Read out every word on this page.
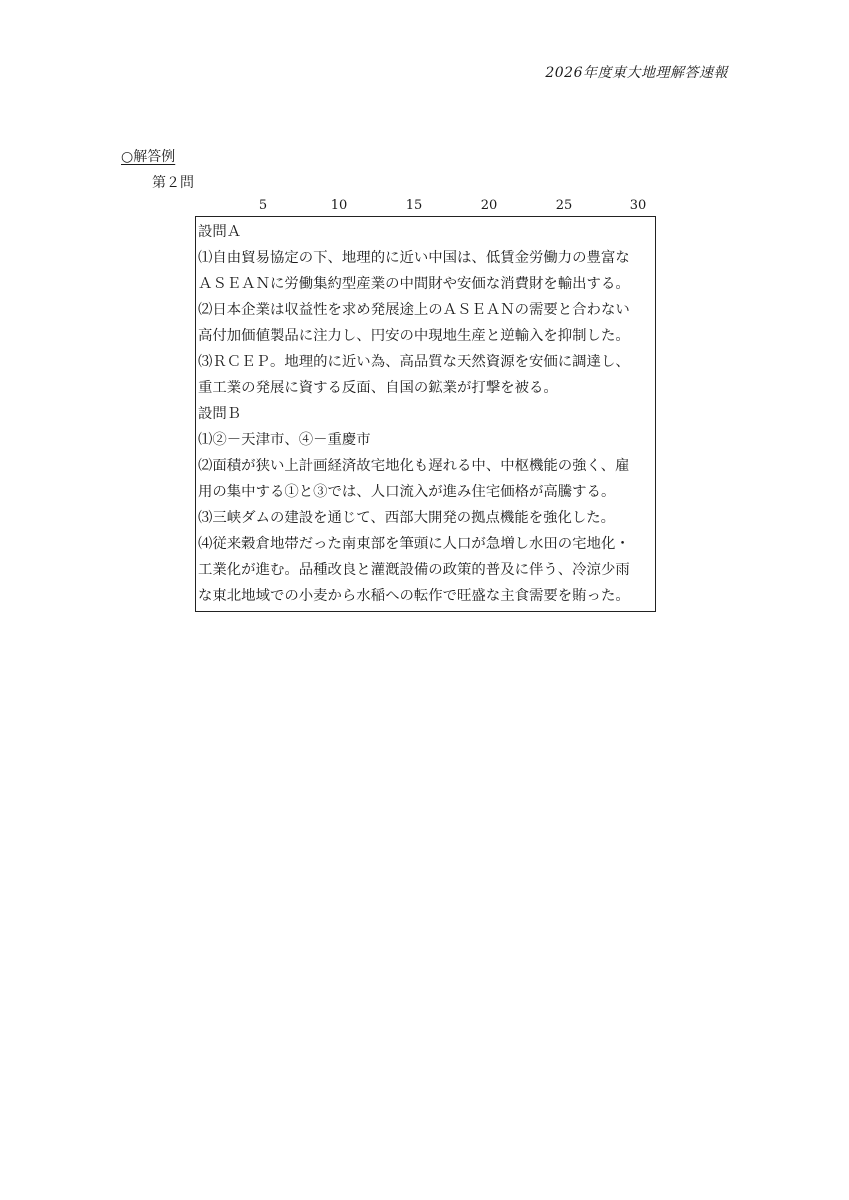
2026年度東大地理解答速報
○解答例
第２問
5	10	15	20	25	30
設問Ａ
⑴自由貿易協定の下、地理的に近い中国は、低賃金労働力の豊富な
ＡＳＥＡＮに労働集約型産業の中間財や安価な消費財を輸出する。
⑵日本企業は収益性を求め発展途上のＡＳＥＡＮの需要と合わない
高付加価値製品に注力し、円安の中現地生産と逆輸入を抑制した。
⑶ＲＣＥＰ。地理的に近い為、高品質な天然資源を安価に調達し、
重工業の発展に資する反面、自国の鉱業が打撃を被る。
設問Ｂ
⑴②－天津市、④－重慶市
⑵面積が狭い上計画経済故宅地化も遅れる中、中枢機能の強く、雇
用の集中する①と③では、人口流入が進み住宅価格が高騰する。
⑶三峡ダムの建設を通じて、西部大開発の拠点機能を強化した。
⑷従来穀倉地帯だった南東部を筆頭に人口が急増し水田の宅地化・
工業化が進む。品種改良と灌漑設備の政策的普及に伴う、冷涼少雨
な東北地域での小麦から水稲への転作で旺盛な主食需要を賄った。
